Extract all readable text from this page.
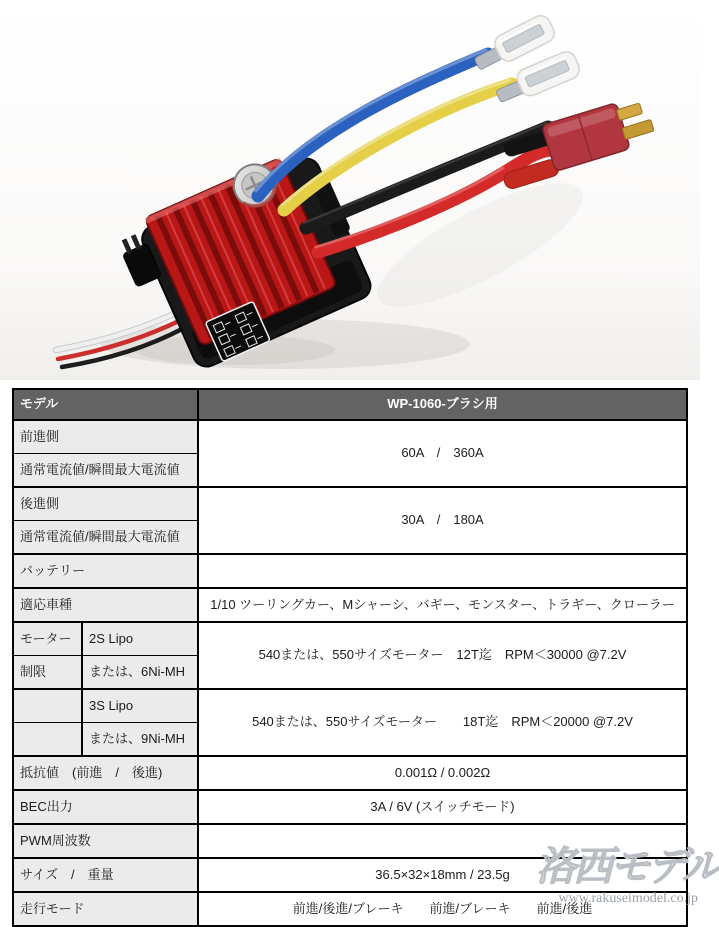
モデル		WP-1060-ブラシ用
前進側		60A　/　360A
通常電流値/瞬間最大電流値		
後進側		30A　/　180A
通常電流値/瞬間最大電流値		
バッテリー		
適応車種		1/10 ツーリングカー、Mシャーシ、バギー、モンスター、トラギー、クローラー
モーター	2S Lipo	540または、550サイズモーター　12T迄　RPM＜30000 @7.2V
制限	または、6Ni-MH	
	3S Lipo	540または、550サイズモーター　　18T迄　RPM＜20000 @7.2V
	または、9Ni-MH	
抵抗値　(前進　/　後進)		0.001Ω / 0.002Ω
BEC出力		3A / 6V (スイッチモード)
PWM周波数		
サイズ　/　重量		36.5×32×18mm / 23.5g
走行モード		前進/後進/ブレーキ　　前進/ブレーキ　　前進/後進
洛西モデル
www.rakuseimodel.co.jp
